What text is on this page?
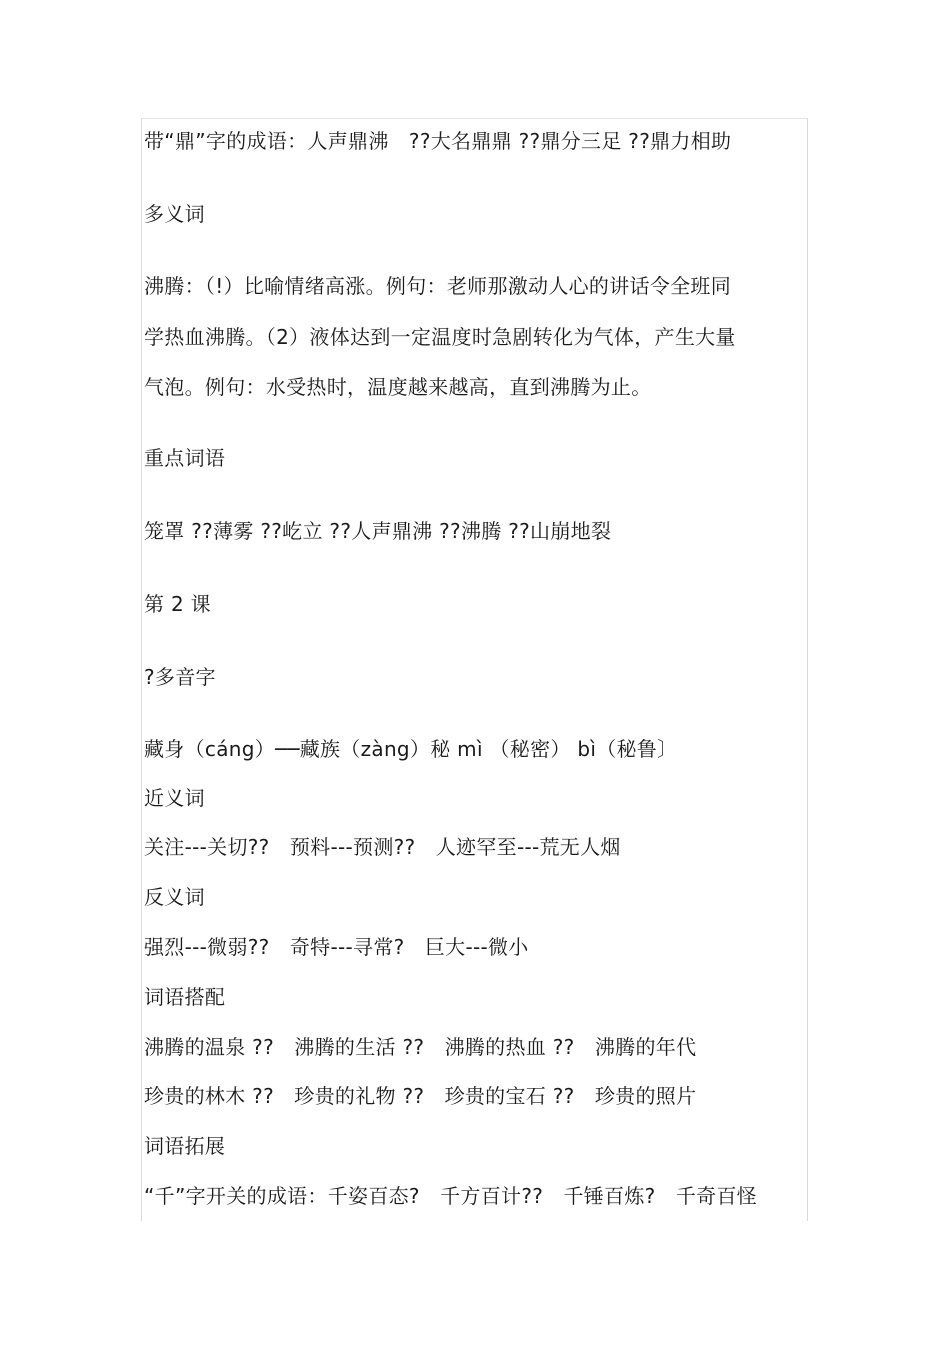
带“鼎”字的成语：人声鼎沸　??大名鼎鼎 ??鼎分三足 ??鼎力相助
多义词
沸腾：（!）比喻情绪高涨。例句：老师那激动人心的讲话令全班同
学热血沸腾。（2）液体达到一定温度时急剧转化为气体，产生大量
气泡。例句：水受热时，温度越来越高，直到沸腾为止。
重点词语
笼罩 ??薄雾 ??屹立 ??人声鼎沸 ??沸腾 ??山崩地裂
第 2 课
?多音字
藏身（cáng）──藏族（zàng）秘 mì （秘密） bì（秘鲁〕
近义词
关注---关切??　预料---预测??　人迹罕至---荒无人烟
反义词
强烈---微弱??　奇特---寻常?　巨大---微小
词语搭配
沸腾的温泉 ??　沸腾的生活 ??　沸腾的热血 ??　沸腾的年代
珍贵的林木 ??　珍贵的礼物 ??　珍贵的宝石 ??　珍贵的照片
词语拓展
“千”字开关的成语：千姿百态?　千方百计??　千锤百炼?　千奇百怪
